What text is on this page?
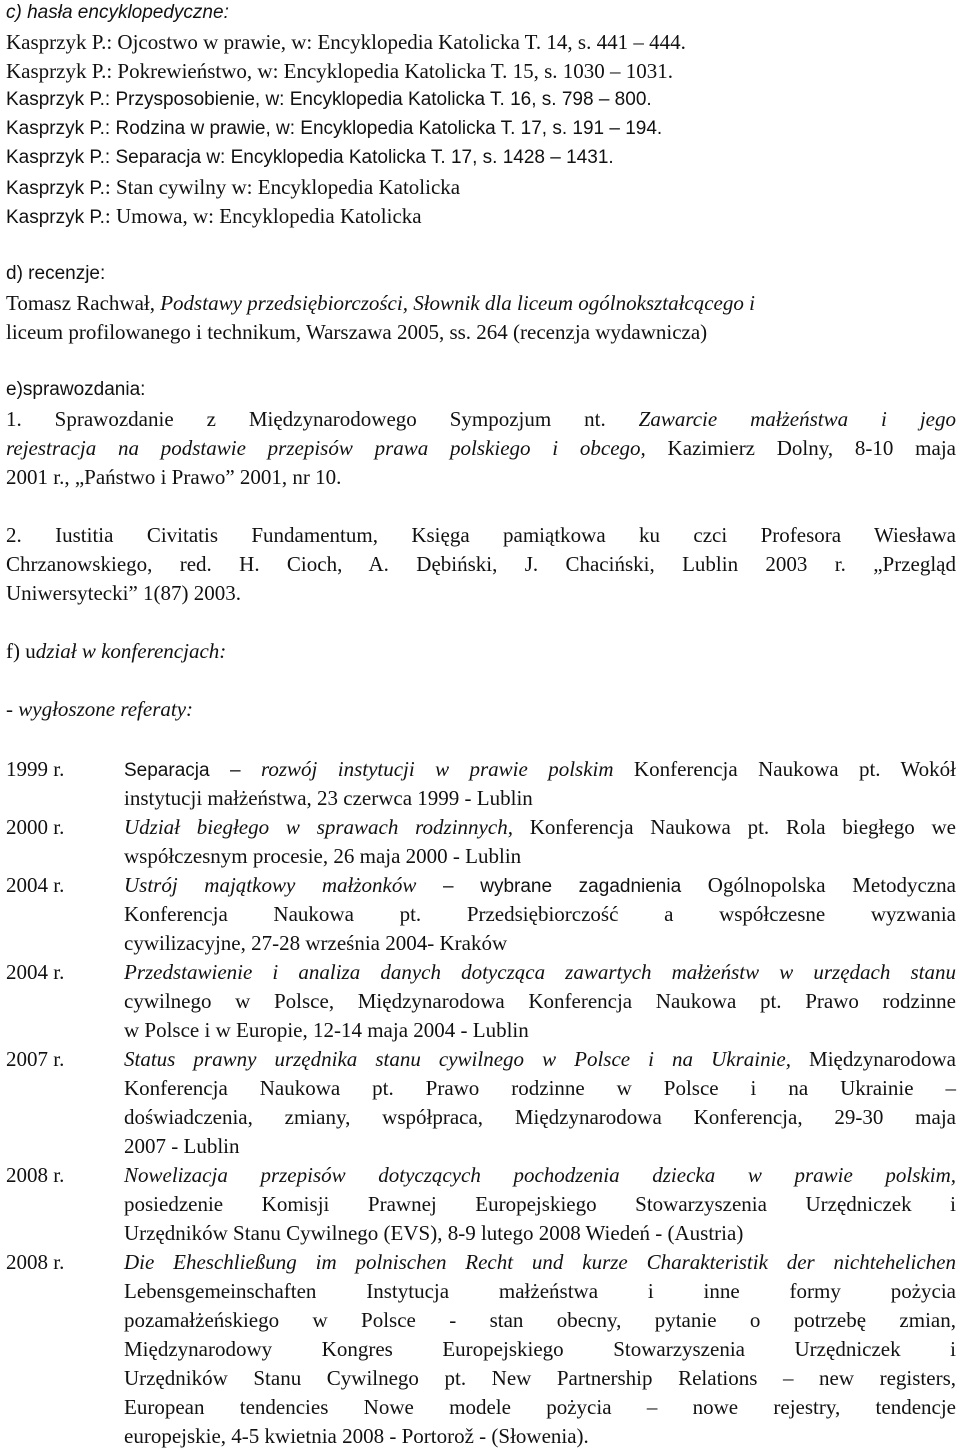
c) hasła encyklopedyczne:
Kasprzyk P.: Ojcostwo w prawie, w: Encyklopedia Katolicka T. 14, s. 441 – 444.
Kasprzyk P.: Pokrewieństwo, w: Encyklopedia Katolicka T. 15, s. 1030 – 1031.
Kasprzyk P.: Przysposobienie, w: Encyklopedia Katolicka T. 16, s. 798 – 800.
Kasprzyk P.: Rodzina w prawie, w: Encyklopedia Katolicka T. 17, s. 191 – 194.
Kasprzyk P.: Separacja w: Encyklopedia Katolicka T. 17, s. 1428 – 1431.
Kasprzyk P.: Stan cywilny w: Encyklopedia Katolicka
Kasprzyk P.: Umowa, w: Encyklopedia Katolicka
d) recenzje:
Tomasz Rachwał, Podstawy przedsiębiorczości, Słownik dla liceum ogólnokształcącego i
liceum profilowanego i technikum, Warszawa 2005, ss. 264 (recenzja wydawnicza)
e)sprawozdania:
1. Sprawozdanie z Międzynarodowego Sympozjum nt. Zawarcie małżeństwa i jego
rejestracja na podstawie przepisów prawa polskiego i obcego, Kazimierz Dolny, 8-10 maja
2001 r., „Państwo i Prawo” 2001, nr 10.
2. Iustitia Civitatis Fundamentum, Księga pamiątkowa ku czci Profesora Wiesława
Chrzanowskiego, red. H. Cioch, A. Dębiński, J. Chaciński, Lublin 2003 r. „Przegląd
Uniwersytecki” 1(87) 2003.
f) udział w konferencjach:
- wygłoszone referaty:
1999 r.	Separacja – rozwój instytucji w prawie polskim Konferencja Naukowa pt. Wokół
instytucji małżeństwa, 23 czerwca 1999 - Lublin
2000 r.	Udział biegłego w sprawach rodzinnych, Konferencja Naukowa pt. Rola biegłego we
współczesnym procesie, 26 maja 2000 - Lublin
2004 r.	Ustrój majątkowy małżonków – wybrane zagadnienia Ogólnopolska Metodyczna
Konferencja Naukowa pt. Przedsiębiorczość a współczesne wyzwania
cywilizacyjne, 27-28 września 2004- Kraków
2004 r.	Przedstawienie i analiza danych dotycząca zawartych małżeństw w urzędach stanu
cywilnego w Polsce, Międzynarodowa Konferencja Naukowa pt. Prawo rodzinne
w Polsce i w Europie, 12-14 maja 2004 - Lublin
2007 r.	Status prawny urzędnika stanu cywilnego w Polsce i na Ukrainie, Międzynarodowa
Konferencja Naukowa pt. Prawo rodzinne w Polsce i na Ukrainie –
doświadczenia, zmiany, współpraca, Międzynarodowa Konferencja, 29-30 maja
2007 - Lublin
2008 r.	Nowelizacja przepisów dotyczących pochodzenia dziecka w prawie polskim,
posiedzenie Komisji Prawnej Europejskiego Stowarzyszenia Urzędniczek i
Urzędników Stanu Cywilnego (EVS), 8-9 lutego 2008 Wiedeń - (Austria)
2008 r.	Die Eheschließung im polnischen Recht und kurze Charakteristik der nichtehelichen
Lebensgemeinschaften Instytucja małżeństwa i inne formy pożycia
pozamałżeńskiego w Polsce - stan obecny, pytanie o potrzebę zmian,
Międzynarodowy Kongres Europejskiego Stowarzyszenia Urzędniczek i
Urzędników Stanu Cywilnego pt. New Partnership Relations – new registers,
European tendencies Nowe modele pożycia – nowe rejestry, tendencje
europejskie, 4-5 kwietnia 2008 - Portorož - (Słowenia).
